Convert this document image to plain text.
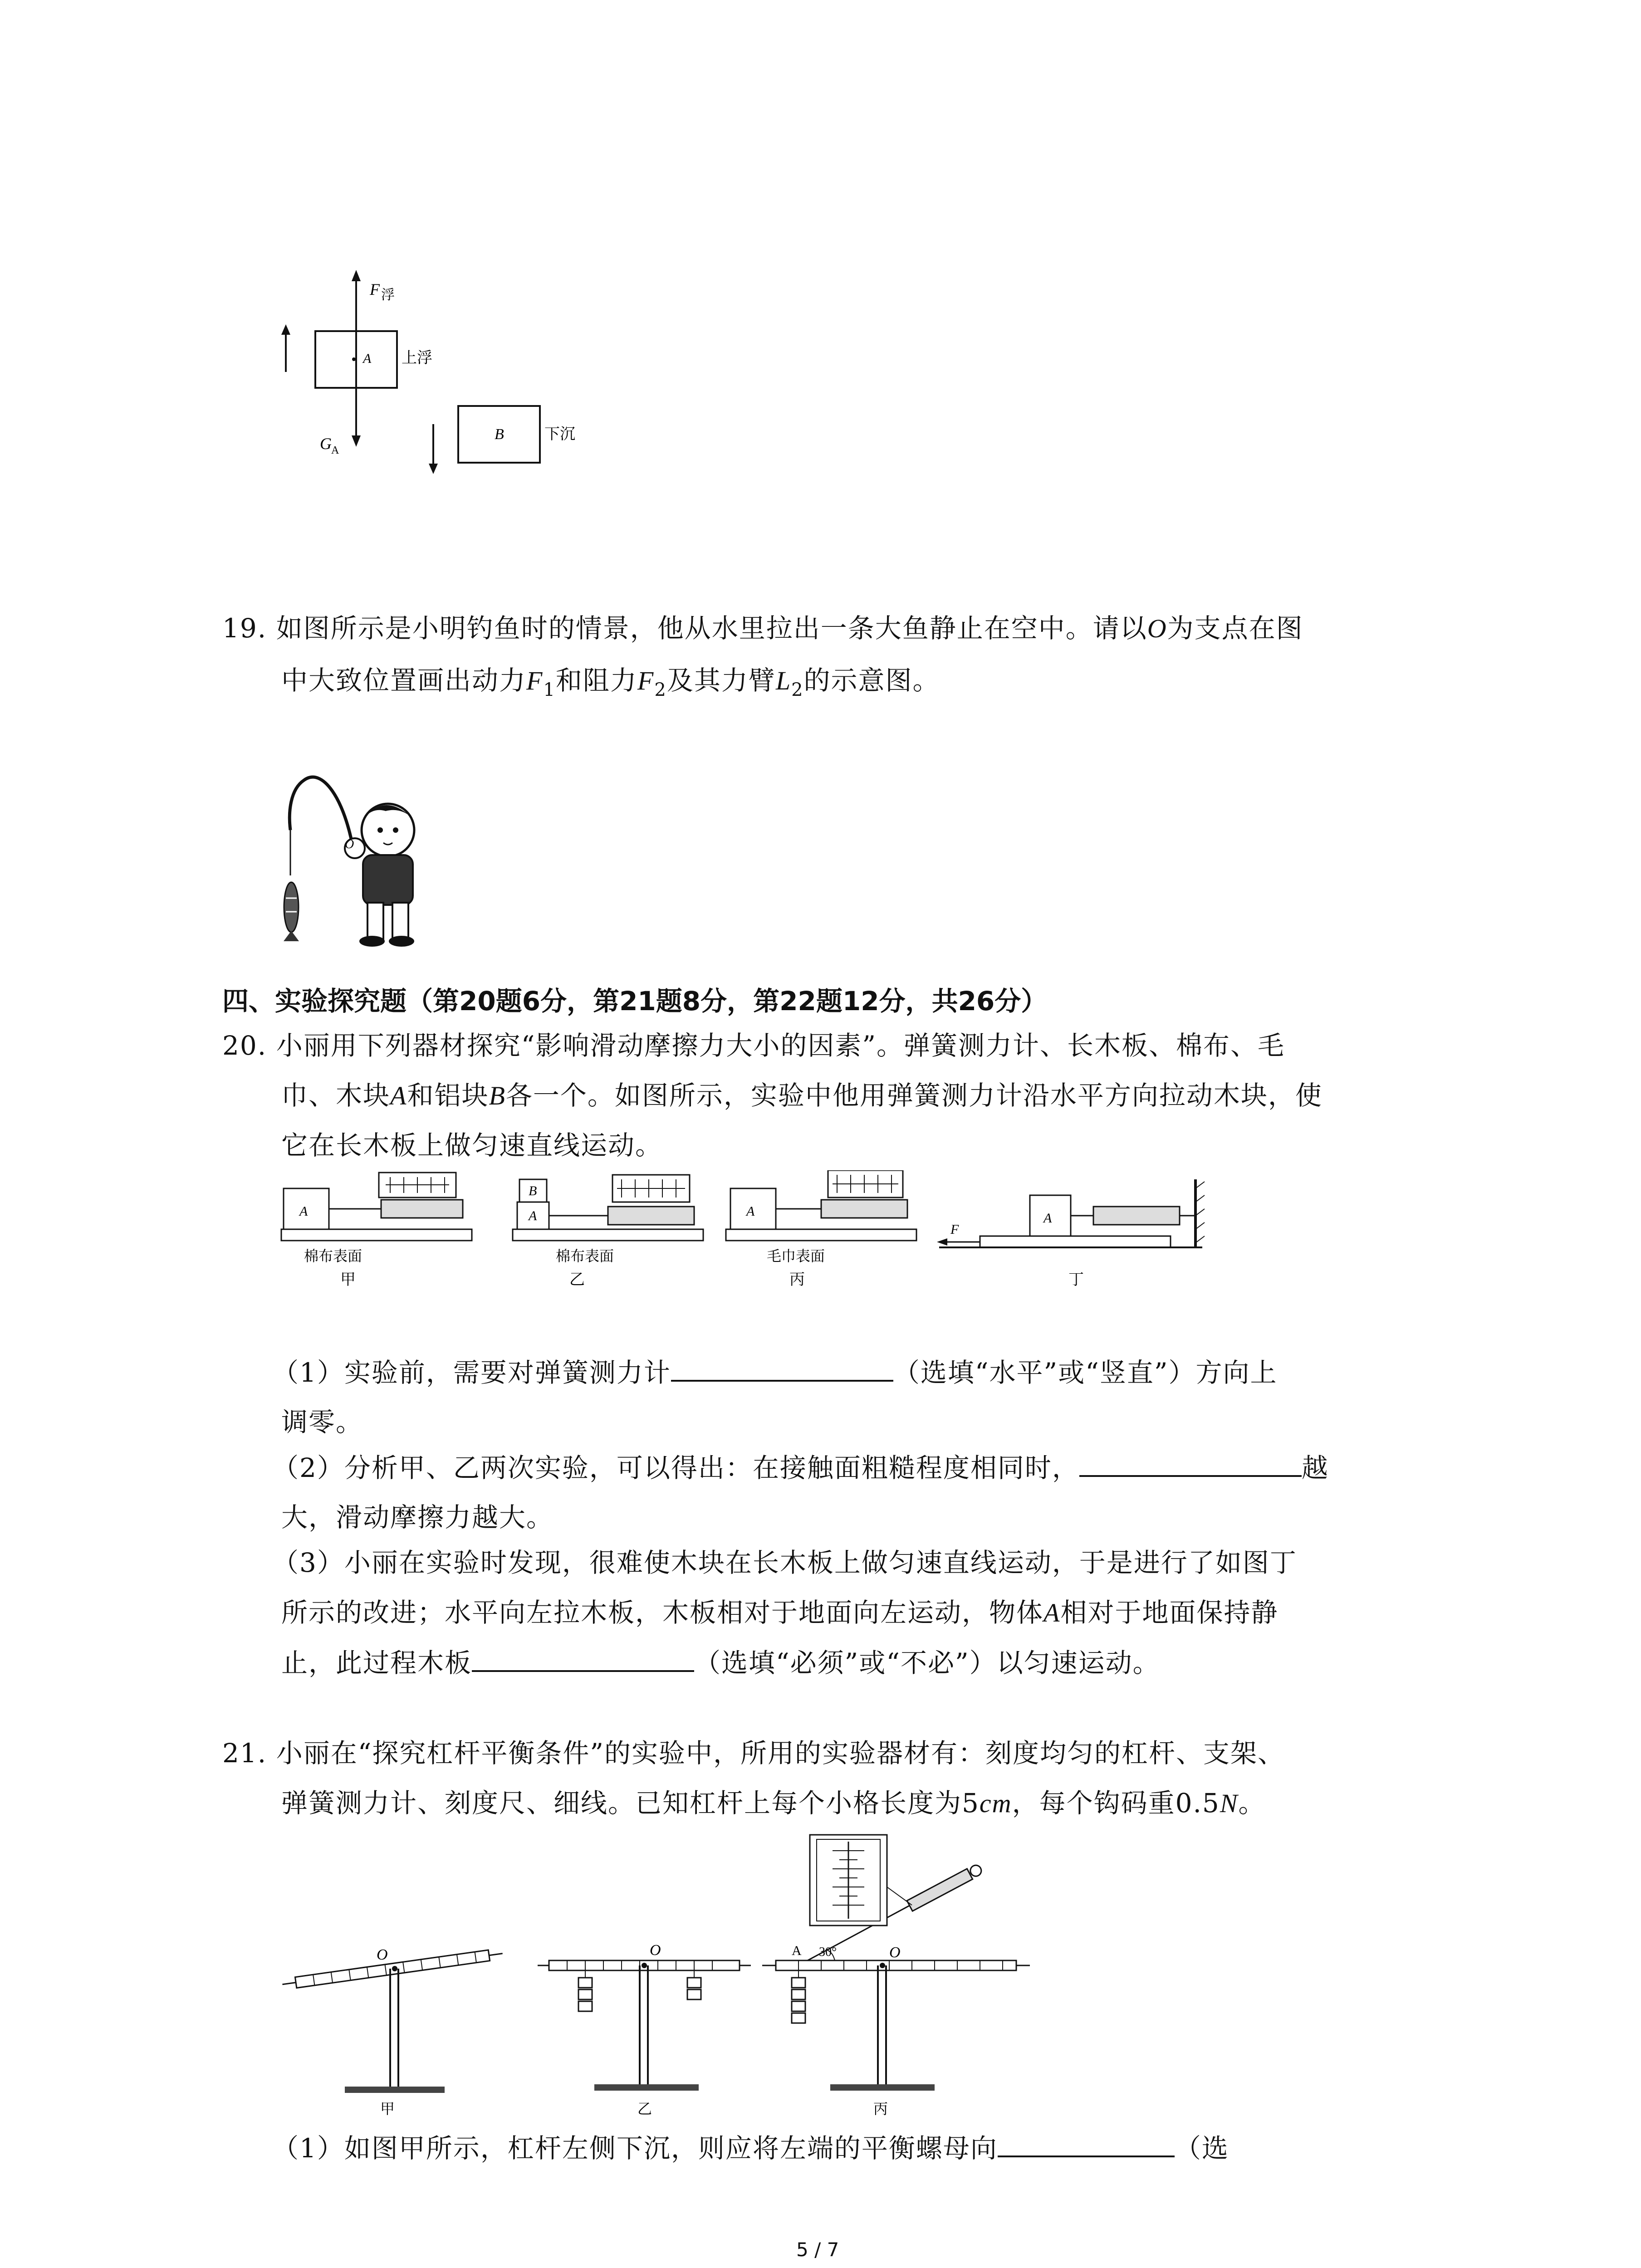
F 浮
A 上浮
G A
B	下沉
19. 如图所示是小明钓鱼时的情景，他从水里拉出一条大鱼静止在空中。请以O为支点在图
中大致位置画出动力$F_1$和阻力$F_2$及其力臂$L_2$的示意图。
O
四、实验探究题（第20题6分，第21题8分，第22题12分，共26分）
20. 小丽用下列器材探究“影响滑动摩擦力大小的因素”。弹簧测力计、长木板、棉布、毛
巾、木块A和铝块B各一个。如图所示，实验中他用弹簧测力计沿水平方向拉动木块，使
它在长木板上做匀速直线运动。
A
棉布表面
甲
A
B
棉布表面
乙
A
毛巾表面
丙
A
F
丁
（1）实验前，需要对弹簧测力计	（选填“水平”或“竖直”）方向上
调零。
（2）分析甲、乙两次实验，可以得出：在接触面粗糙程度相同时，	越
大，滑动摩擦力越大。
（3）小丽在实验时发现，很难使木块在长木板上做匀速直线运动，于是进行了如图丁
所示的改进；水平向左拉木板，木板相对于地面向左运动，物体A相对于地面保持静
止，此过程木板	（选填“必须”或“不必”）以匀速运动。
21. 小丽在“探究杠杆平衡条件”的实验中，所用的实验器材有：刻度均匀的杠杆、支架、
弹簧测力计、刻度尺、细线。已知杠杆上每个小格长度为5cm，每个钩码重0.5N。
O
甲
O
乙
O
A 30°
丙
（1）如图甲所示，杠杆左侧下沉，则应将左端的平衡螺母向	（选
5 / 7
